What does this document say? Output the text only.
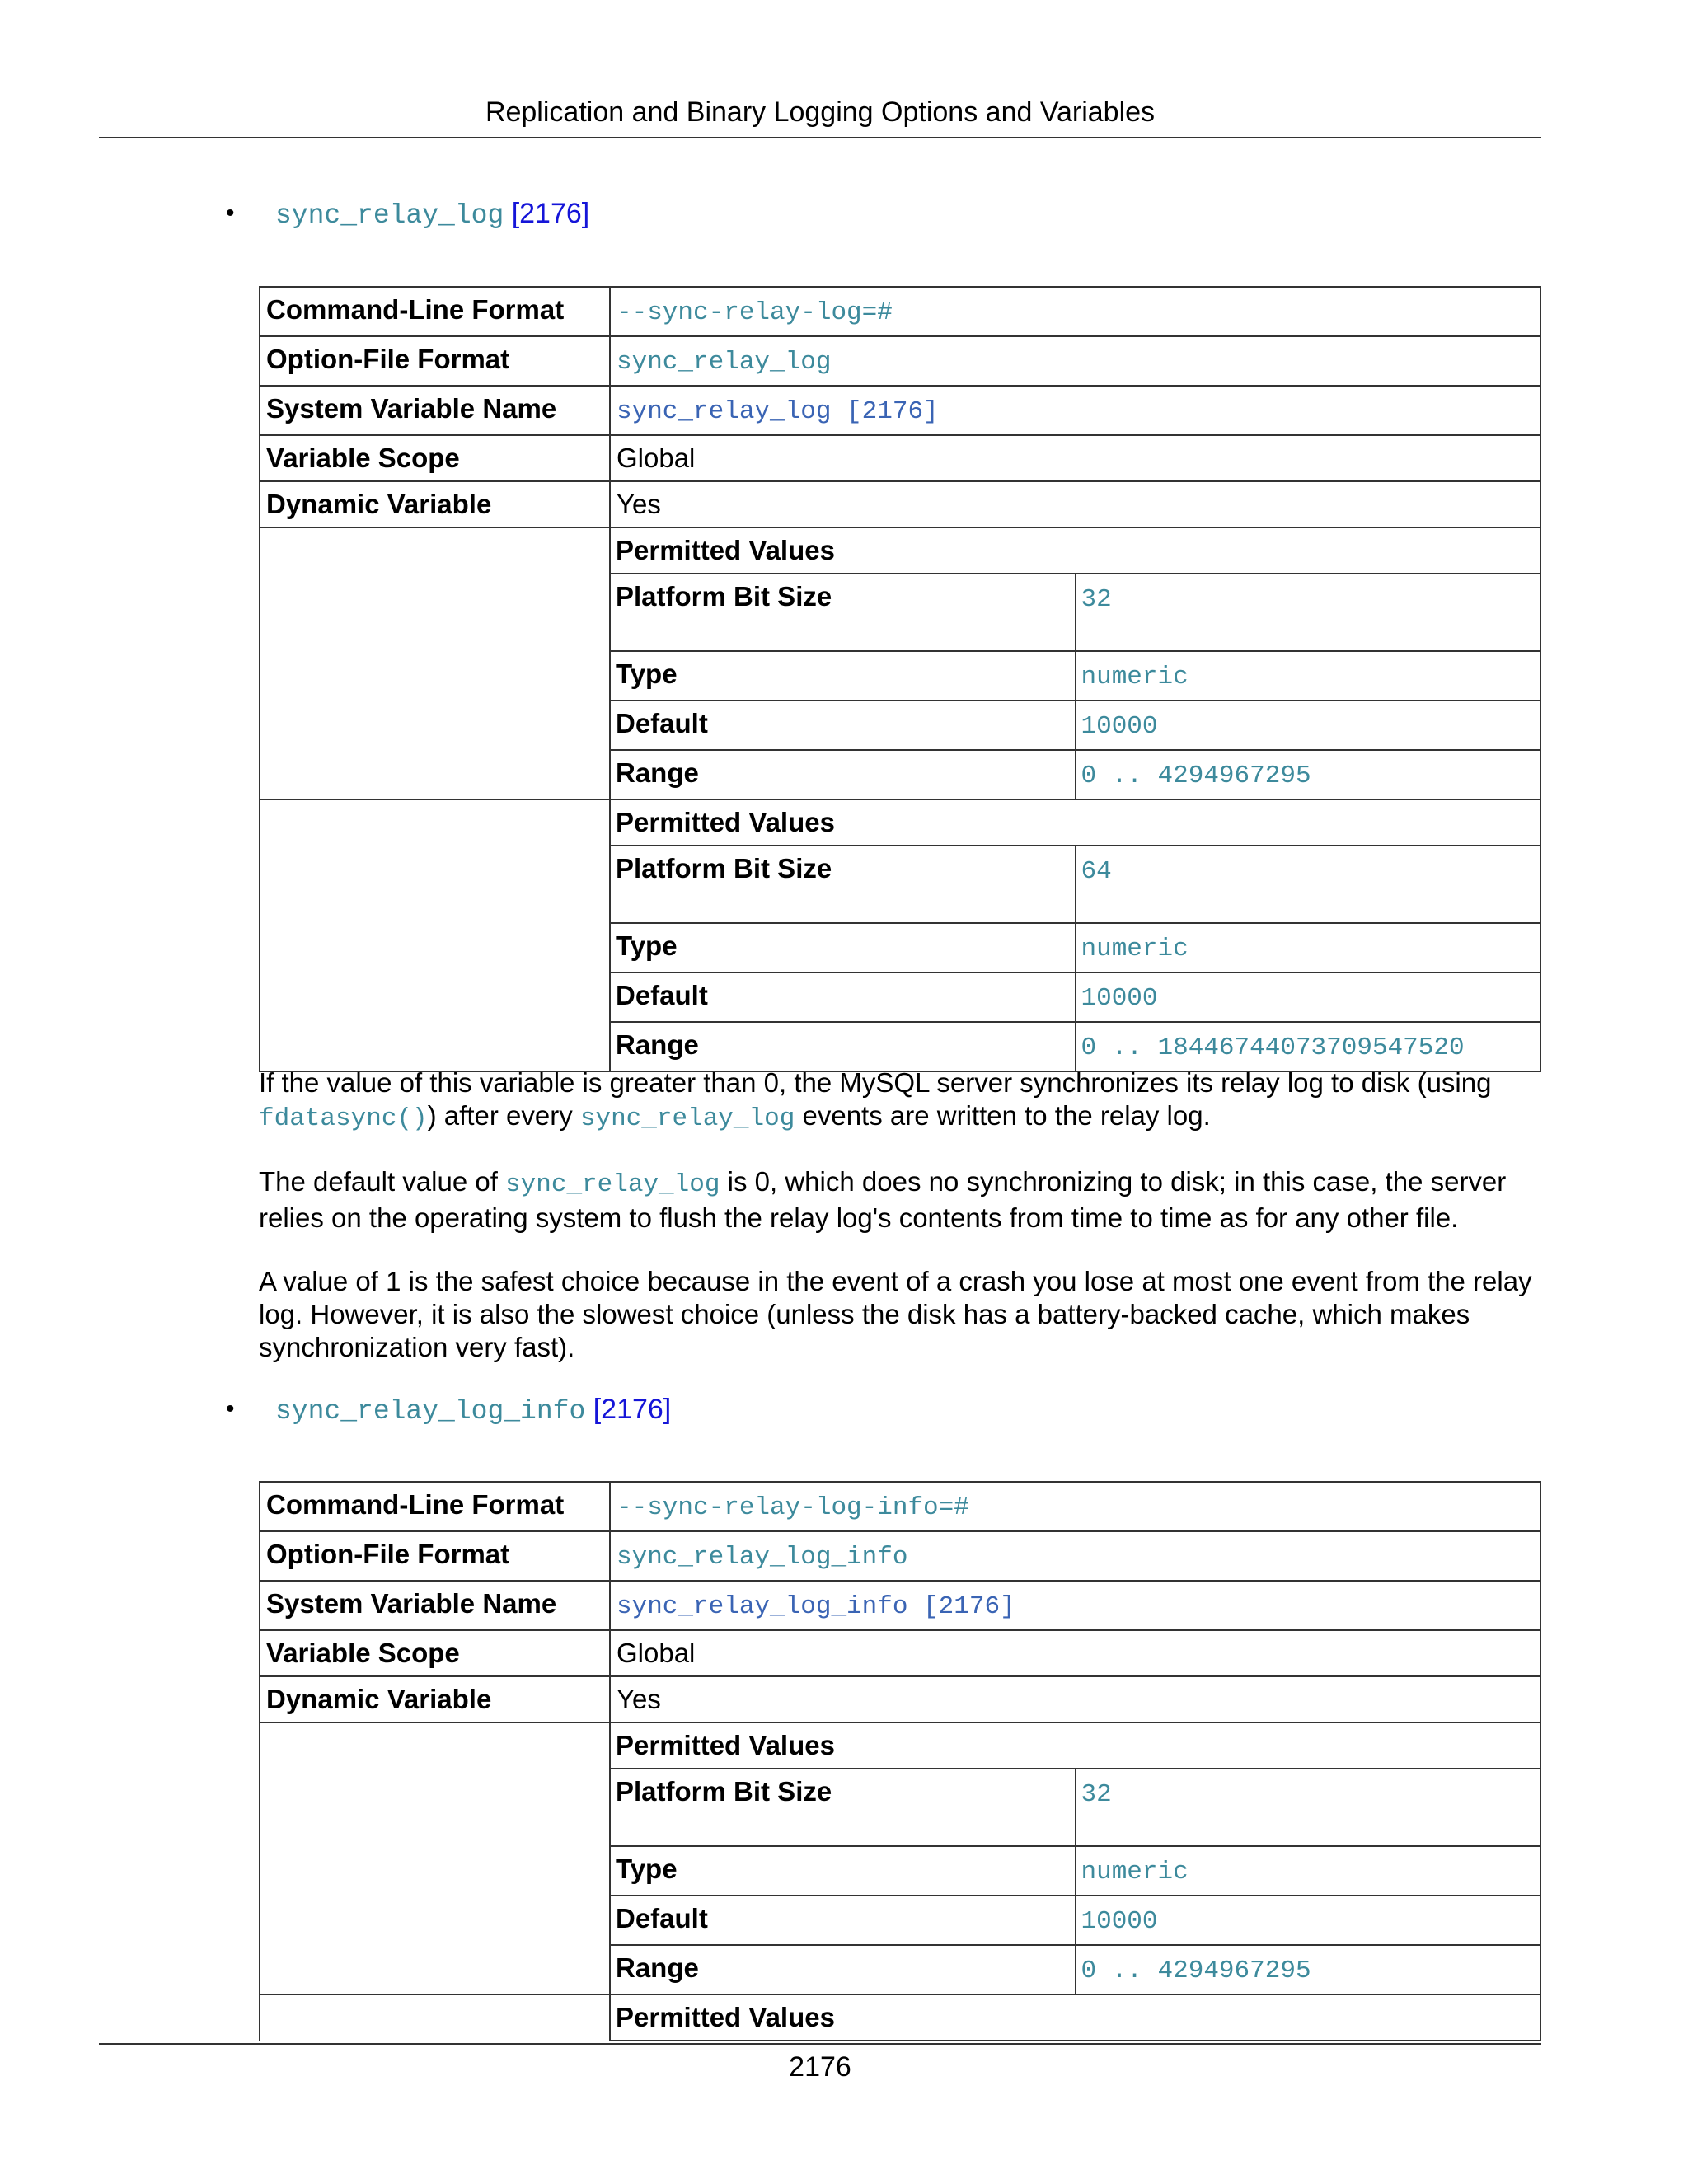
Replication and Binary Logging Options and Variables
• sync_relay_log [2176]
Command-Line Format	--sync-relay-log=#
Option-File Format	sync_relay_log
System Variable Name	sync_relay_log [2176]
Variable Scope	Global
Dynamic Variable	Yes

Permitted Values
Platform Bit Size	32
Type	numeric
Default	10000
Range	0 .. 4294967295

Permitted Values
Platform Bit Size	64
Type	numeric
Default	10000
Range	0 .. 18446744073709547520
If the value of this variable is greater than 0, the MySQL server synchronizes its relay log to disk (using fdatasync()) after every sync_relay_log events are written to the relay log.
The default value of sync_relay_log is 0, which does no synchronizing to disk; in this case, the server relies on the operating system to flush the relay log's contents from time to time as for any other file.
A value of 1 is the safest choice because in the event of a crash you lose at most one event from the relay log. However, it is also the slowest choice (unless the disk has a battery-backed cache, which makes synchronization very fast).
• sync_relay_log_info [2176]
Command-Line Format	--sync-relay-log-info=#
Option-File Format	sync_relay_log_info
System Variable Name	sync_relay_log_info [2176]
Variable Scope	Global
Dynamic Variable	Yes

Permitted Values
Platform Bit Size	32
Type	numeric
Default	10000
Range	0 .. 4294967295

Permitted Values
2176
